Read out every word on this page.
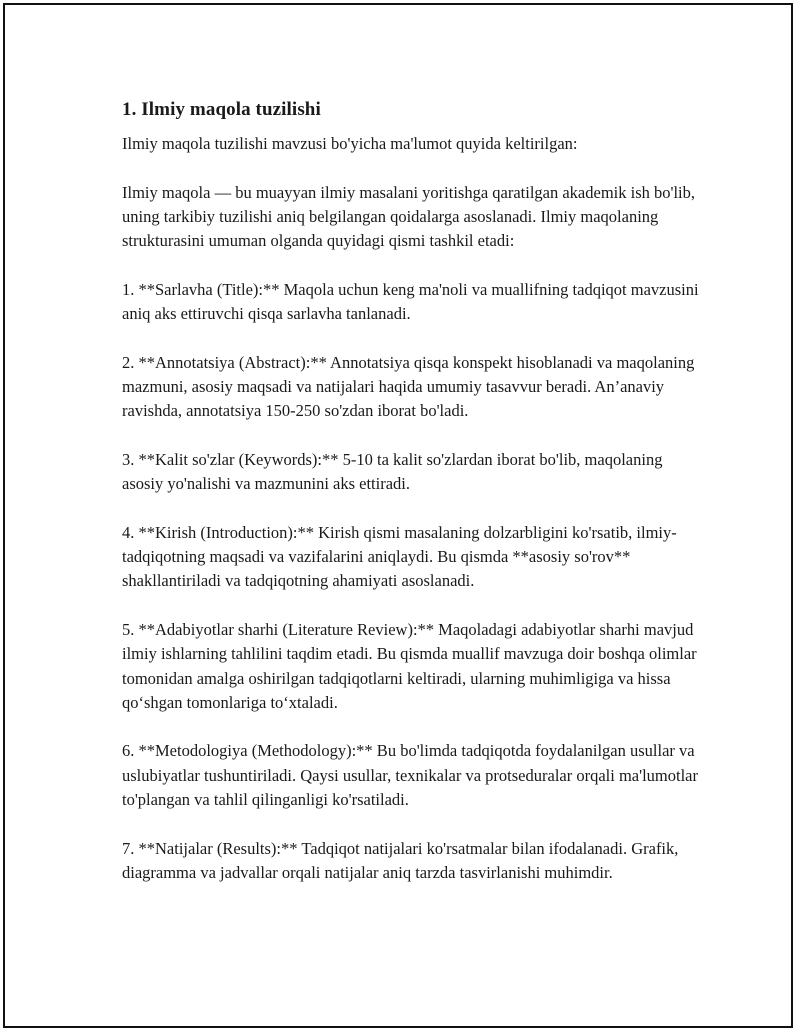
1. Ilmiy maqola tuzilishi

Ilmiy maqola tuzilishi mavzusi bo'yicha ma'lumot quyida keltirilgan:

Ilmiy maqola — bu muayyan ilmiy masalani yoritishga qaratilgan akademik ish bo'lib, uning tarkibiy tuzilishi aniq belgilangan qoidalarga asoslanadi. Ilmiy maqolaning strukturasini umuman olganda quyidagi qismi tashkil etadi:

1. **Sarlavha (Title):** Maqola uchun keng ma'noli va muallifning tadqiqot mavzusini aniq aks ettiruvchi qisqa sarlavha tanlanadi.

2. **Annotatsiya (Abstract):** Annotatsiya qisqa konspekt hisoblanadi va maqolaning mazmuni, asosiy maqsadi va natijalari haqida umumiy tasavvur beradi. An’anaviy ravishda, annotatsiya 150-250 so'zdan iborat bo'ladi.

3. **Kalit so'zlar (Keywords):** 5-10 ta kalit so'zlardan iborat bo'lib, maqolaning asosiy yo'nalishi va mazmunini aks ettiradi.

4. **Kirish (Introduction):** Kirish qismi masalaning dolzarbligini ko'rsatib, ilmiy-tadqiqotning maqsadi va vazifalarini aniqlaydi. Bu qismda **asosiy so'rov** shakllantiriladi va tadqiqotning ahamiyati asoslanadi.

5. **Adabiyotlar sharhi (Literature Review):** Maqoladagi adabiyotlar sharhi mavjud ilmiy ishlarning tahlilini taqdim etadi. Bu qismda muallif mavzuga doir boshqa olimlar tomonidan amalga oshirilgan tadqiqotlarni keltiradi, ularning muhimligiga va hissa qo‘shgan tomonlariga to‘xtaladi.

6. **Metodologiya (Methodology):** Bu bo'limda tadqiqotda foydalanilgan usullar va uslubiyatlar tushuntiriladi. Qaysi usullar, texnikalar va protseduralar orqali ma'lumotlar to'plangan va tahlil qilinganligi ko'rsatiladi.

7. **Natijalar (Results):** Tadqiqot natijalari ko'rsatmalar bilan ifodalanadi. Grafik, diagramma va jadvallar orqali natijalar aniq tarzda tasvirlanishi muhimdir.
